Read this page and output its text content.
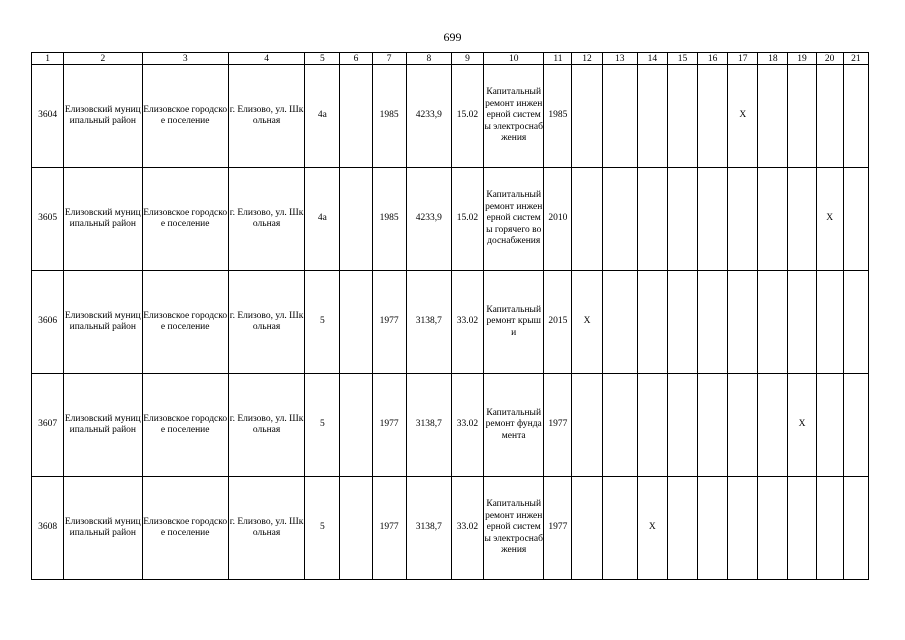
699
1	2	3	4	5	6	7	8	9	10	11	12	13	14	15	16	17	18	19	20	21
3604	Елизовский муниципальный район	Елизовское городское поселение	г. Елизово, ул. Школьная	4а		1985	4233,9	15.02	Капитальный ремонт инженерной системы электроснабжения	1985						X				
3605	Елизовский муниципальный район	Елизовское городское поселение	г. Елизово, ул. Школьная	4а		1985	4233,9	15.02	Капитальный ремонт инженерной системы горячего водоснабжения	2010									X	
3606	Елизовский муниципальный район	Елизовское городское поселение	г. Елизово, ул. Школьная	5		1977	3138,7	33.02	Капитальный ремонт крыши	2015	X									
3607	Елизовский муниципальный район	Елизовское городское поселение	г. Елизово, ул. Школьная	5		1977	3138,7	33.02	Капитальный ремонт фундамента	1977								X		
3608	Елизовский муниципальный район	Елизовское городское поселение	г. Елизово, ул. Школьная	5		1977	3138,7	33.02	Капитальный ремонт инженерной системы электроснабжения	1977			X							
